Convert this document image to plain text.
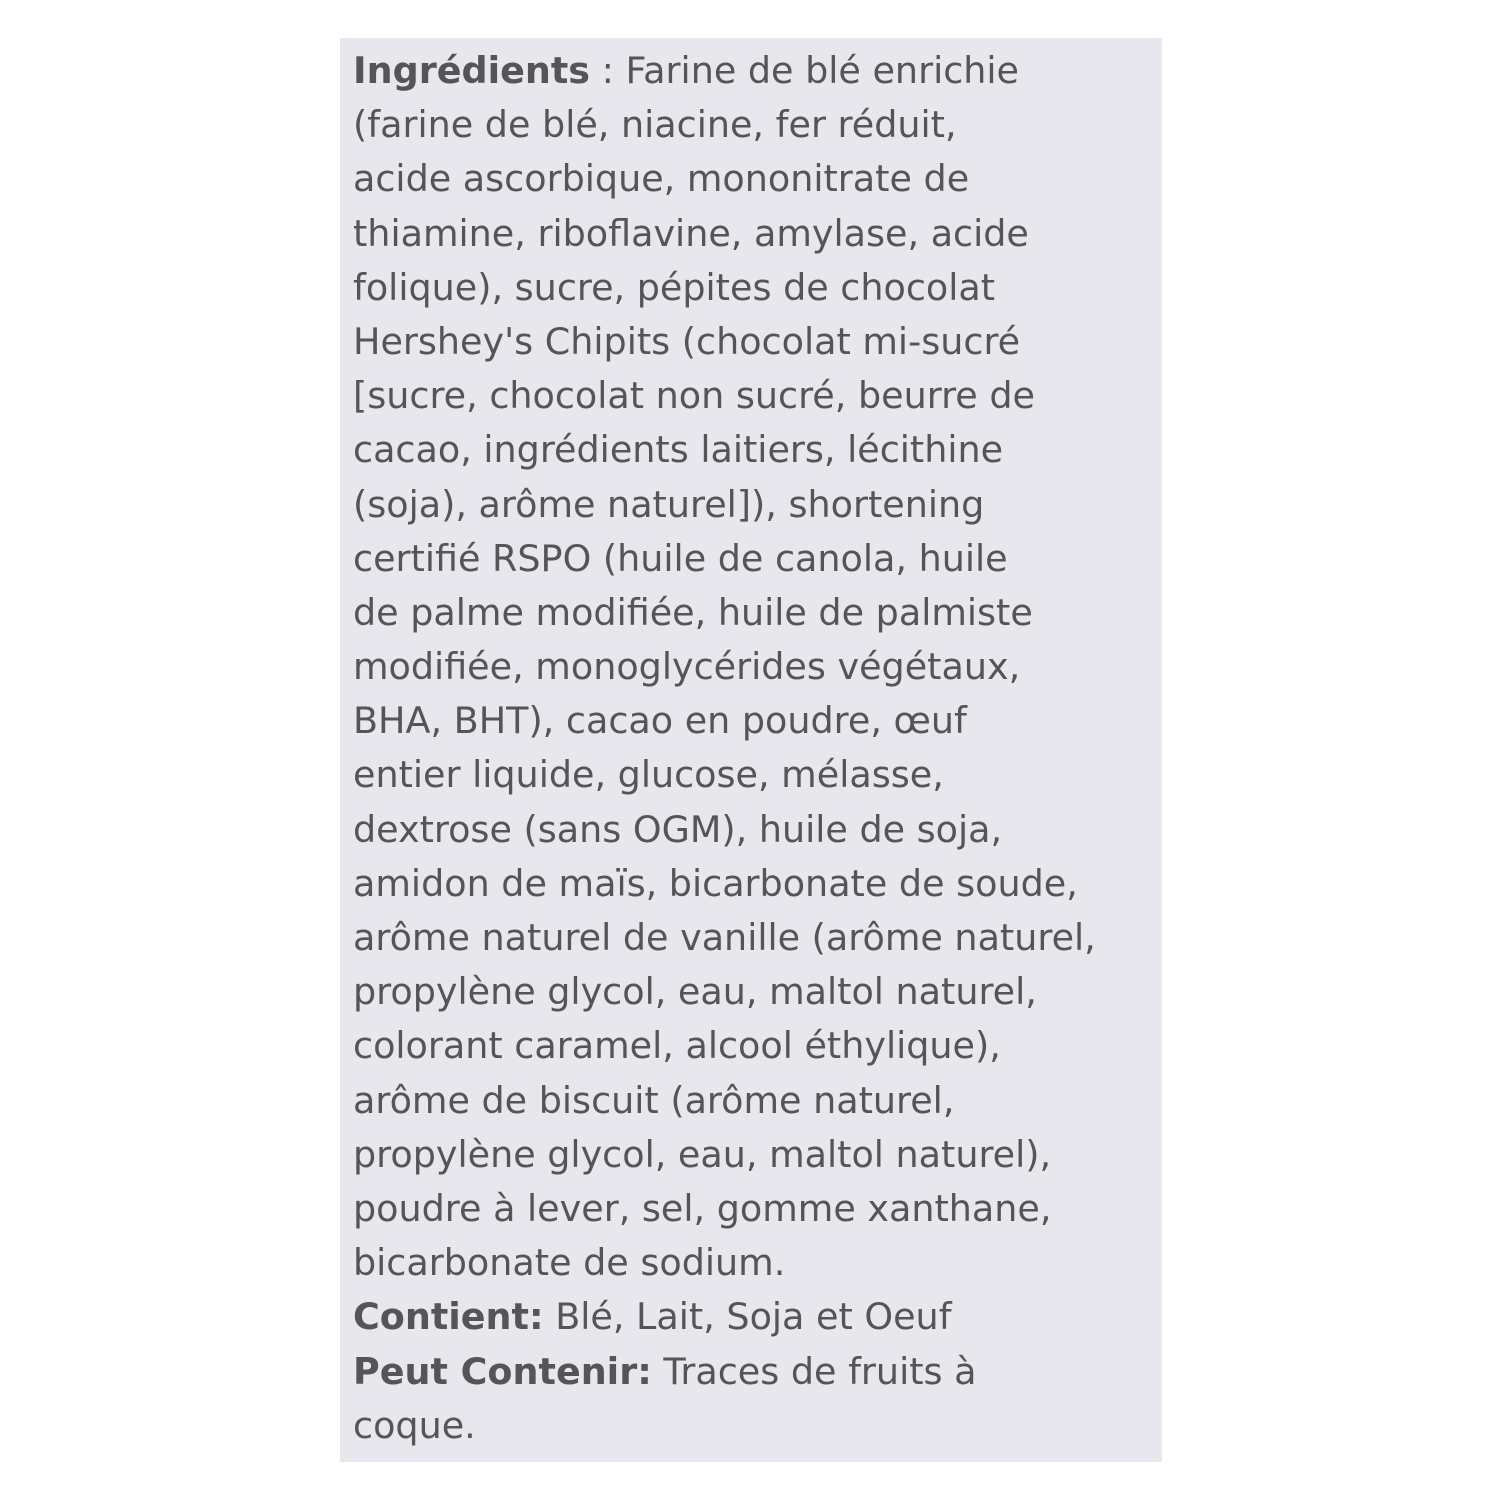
Ingrédients : Farine de blé enrichie
(farine de blé, niacine, fer réduit,
acide ascorbique, mononitrate de
thiamine, riboflavine, amylase, acide
folique), sucre, pépites de chocolat
Hershey's Chipits (chocolat mi-sucré
[sucre, chocolat non sucré, beurre de
cacao, ingrédients laitiers, lécithine
(soja), arôme naturel]), shortening
certifié RSPO (huile de canola, huile
de palme modifiée, huile de palmiste
modifiée, monoglycérides végétaux,
BHA, BHT), cacao en poudre, œuf
entier liquide, glucose, mélasse,
dextrose (sans OGM), huile de soja,
amidon de maïs, bicarbonate de soude,
arôme naturel de vanille (arôme naturel,
propylène glycol, eau, maltol naturel,
colorant caramel, alcool éthylique),
arôme de biscuit (arôme naturel,
propylène glycol, eau, maltol naturel),
poudre à lever, sel, gomme xanthane,
bicarbonate de sodium.
Contient: Blé, Lait, Soja et Oeuf
Peut Contenir: Traces de fruits à
coque.
